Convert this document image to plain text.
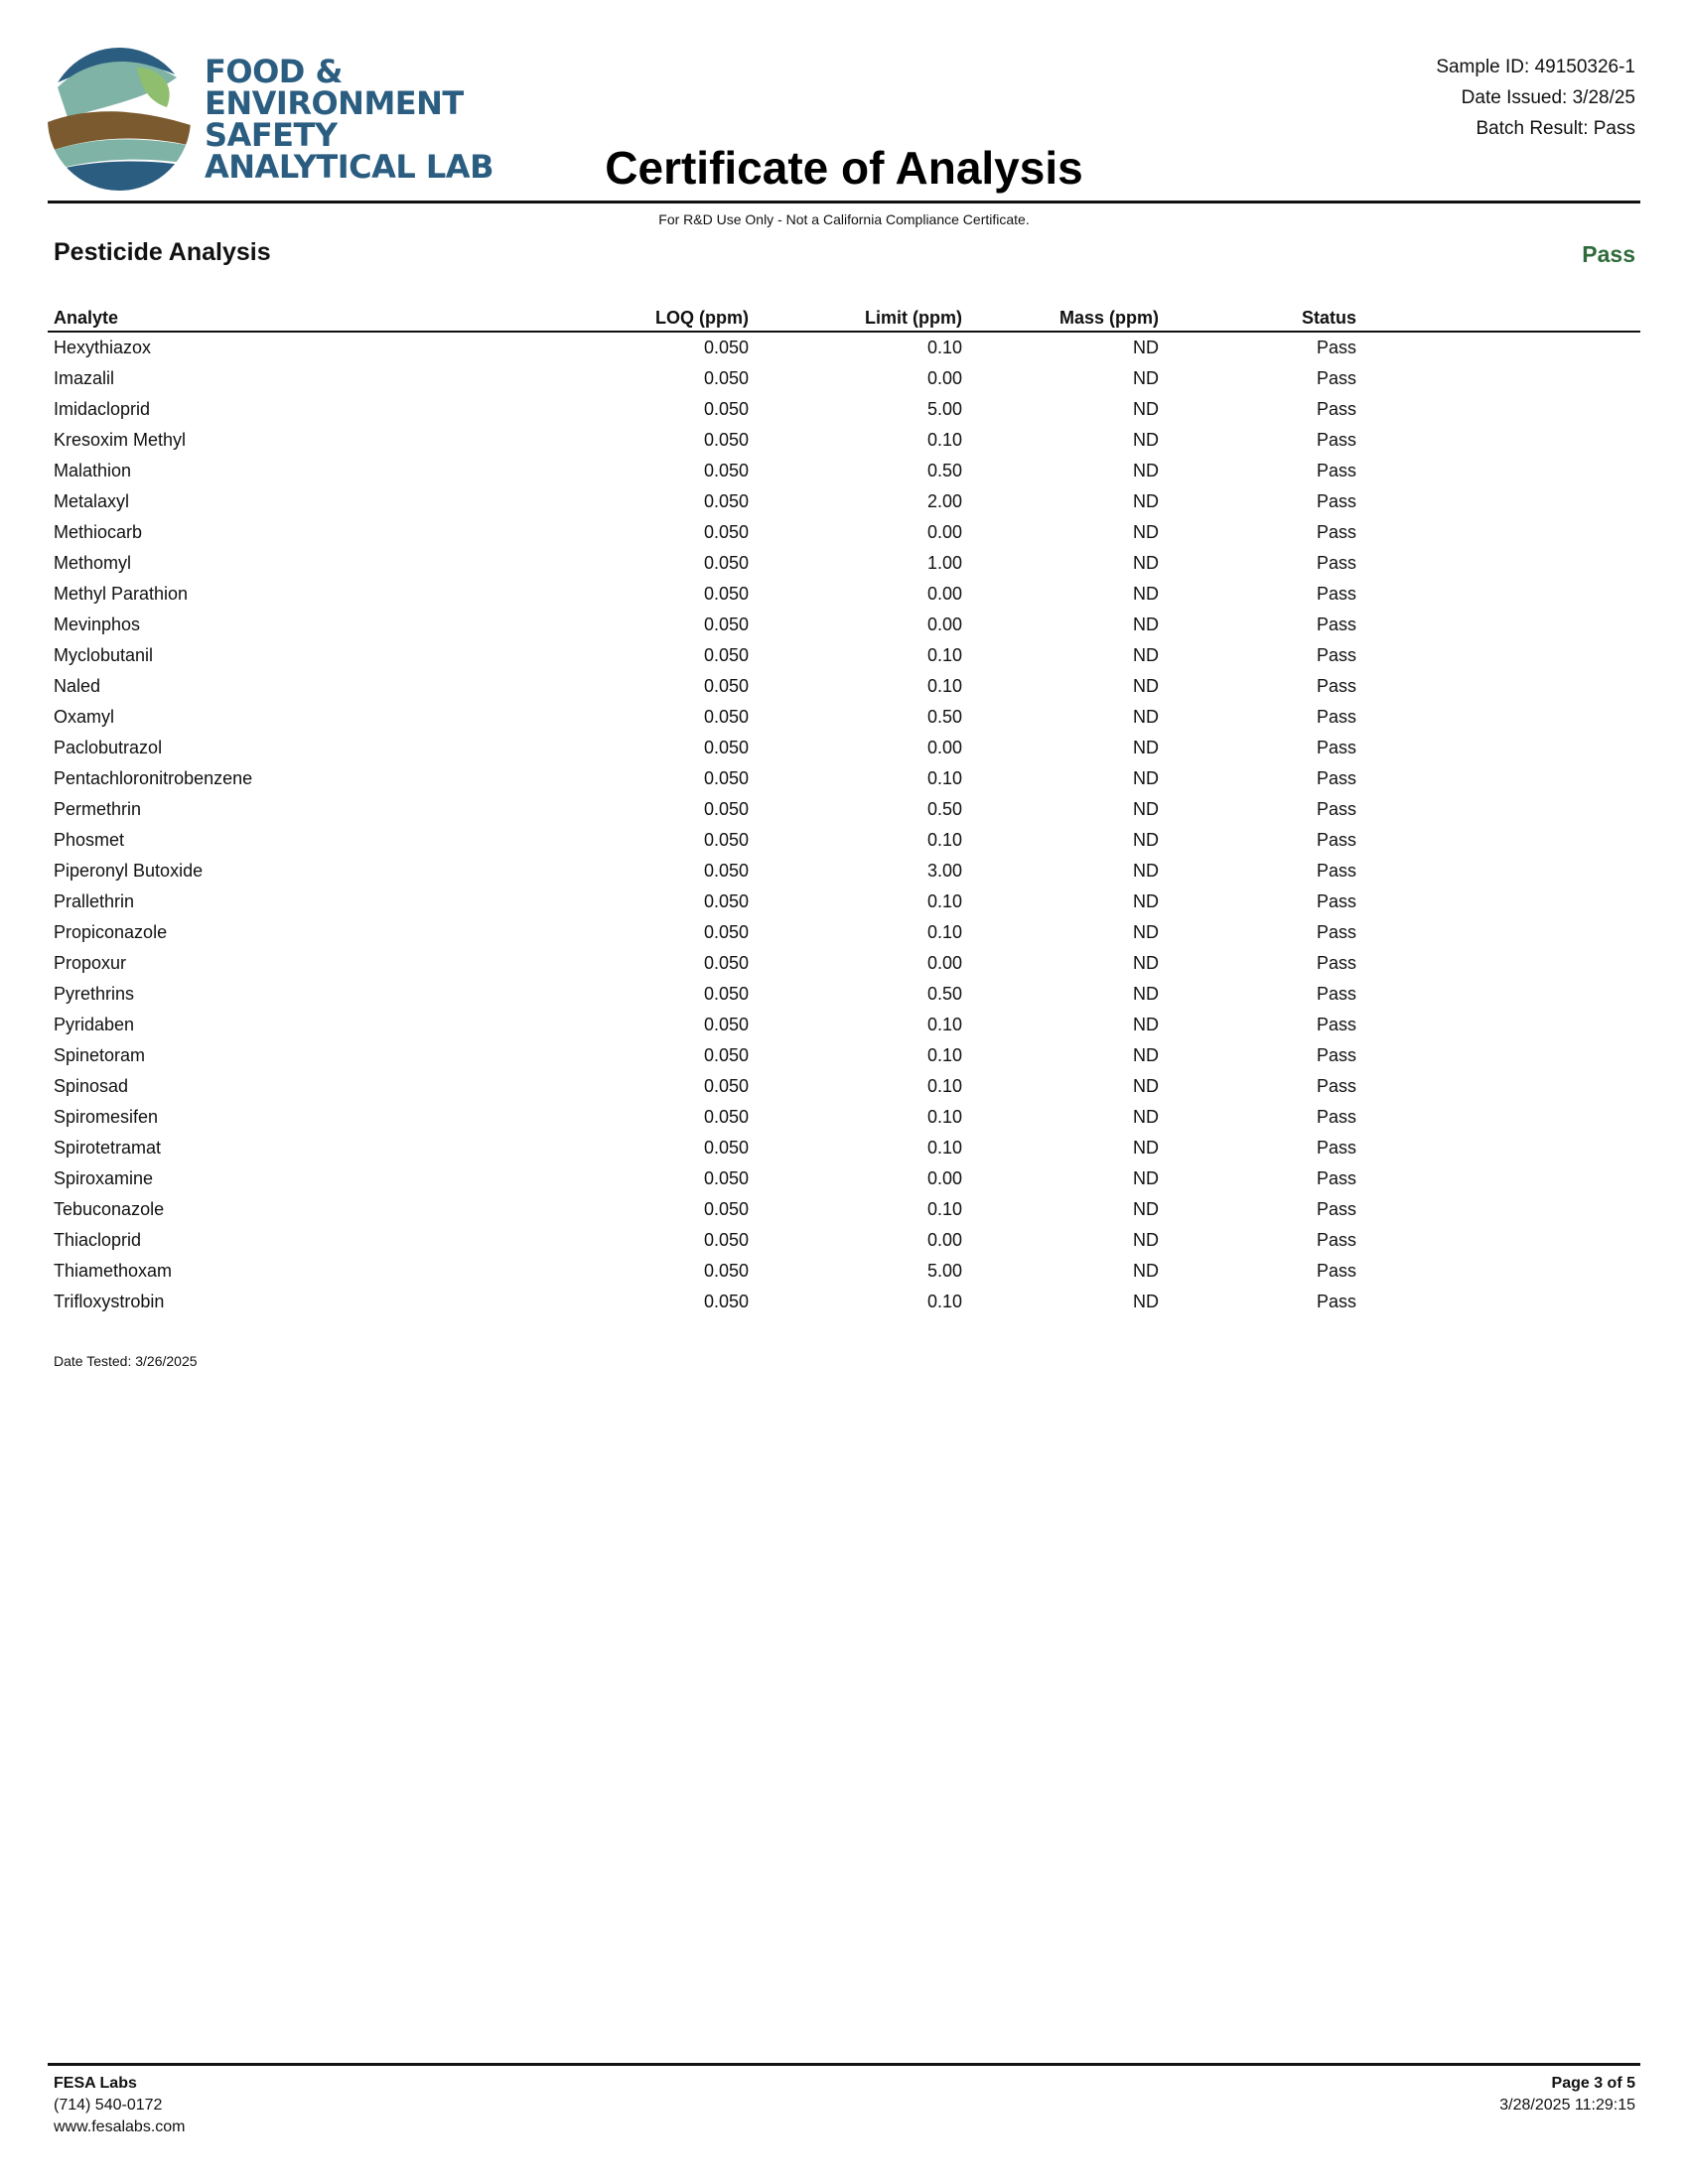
FOOD &
ENVIRONMENT
SAFETY
ANALYTICAL LAB
Sample ID: 49150326-1
Date Issued: 3/28/25
Batch Result: Pass
Certificate of Analysis
For R&D Use Only - Not a California Compliance Certificate.
Pesticide Analysis	Pass
Analyte	LOQ (ppm)	Limit (ppm)	Mass (ppm)	Status	
Hexythiazox	0.050	0.10	ND	Pass	
Imazalil	0.050	0.00	ND	Pass	
Imidacloprid	0.050	5.00	ND	Pass	
Kresoxim Methyl	0.050	0.10	ND	Pass	
Malathion	0.050	0.50	ND	Pass	
Metalaxyl	0.050	2.00	ND	Pass	
Methiocarb	0.050	0.00	ND	Pass	
Methomyl	0.050	1.00	ND	Pass	
Methyl Parathion	0.050	0.00	ND	Pass	
Mevinphos	0.050	0.00	ND	Pass	
Myclobutanil	0.050	0.10	ND	Pass	
Naled	0.050	0.10	ND	Pass	
Oxamyl	0.050	0.50	ND	Pass	
Paclobutrazol	0.050	0.00	ND	Pass	
Pentachloronitrobenzene	0.050	0.10	ND	Pass	
Permethrin	0.050	0.50	ND	Pass	
Phosmet	0.050	0.10	ND	Pass	
Piperonyl Butoxide	0.050	3.00	ND	Pass	
Prallethrin	0.050	0.10	ND	Pass	
Propiconazole	0.050	0.10	ND	Pass	
Propoxur	0.050	0.00	ND	Pass	
Pyrethrins	0.050	0.50	ND	Pass	
Pyridaben	0.050	0.10	ND	Pass	
Spinetoram	0.050	0.10	ND	Pass	
Spinosad	0.050	0.10	ND	Pass	
Spiromesifen	0.050	0.10	ND	Pass	
Spirotetramat	0.050	0.10	ND	Pass	
Spiroxamine	0.050	0.00	ND	Pass	
Tebuconazole	0.050	0.10	ND	Pass	
Thiacloprid	0.050	0.00	ND	Pass	
Thiamethoxam	0.050	5.00	ND	Pass	
Trifloxystrobin	0.050	0.10	ND	Pass	
Date Tested: 3/26/2025
FESA Labs
(714) 540-0172
www.fesalabs.com
Page 3 of 5
3/28/2025 11:29:15
